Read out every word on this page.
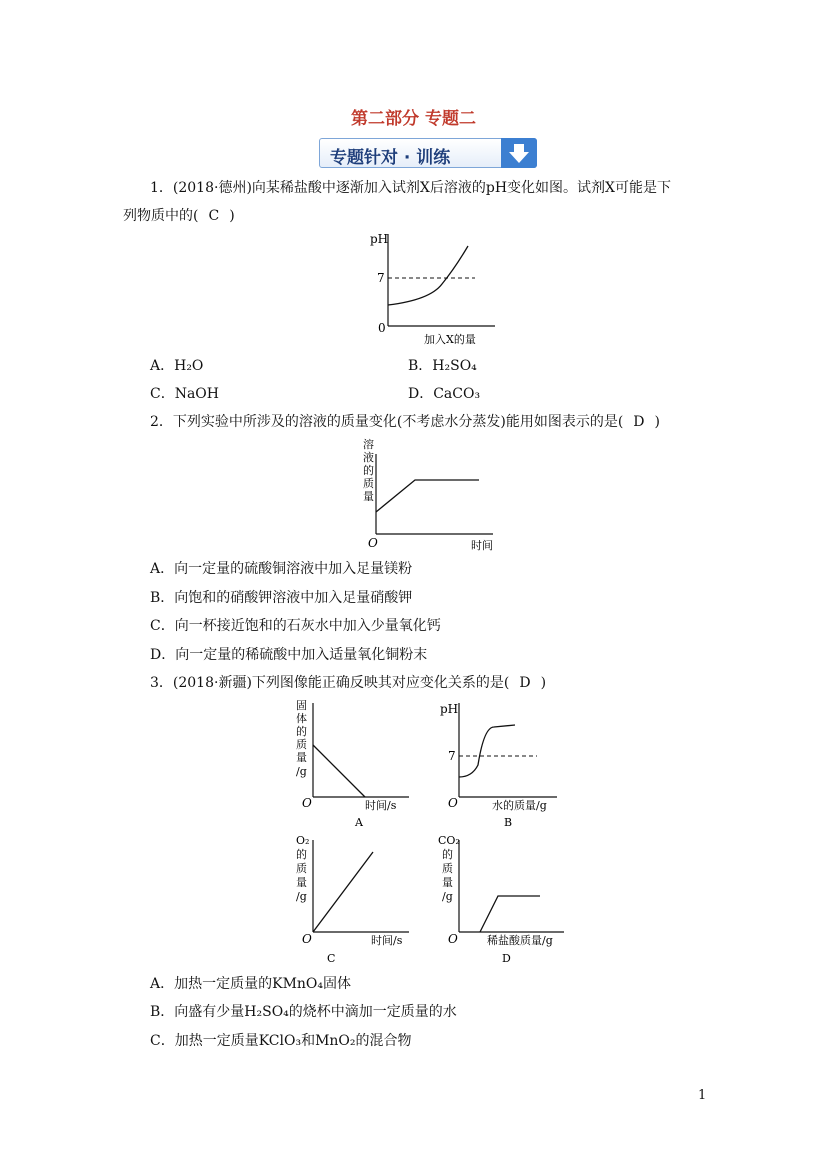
第二部分 专题二
专题针对 · 训练
1．(2018·德州)向某稀盐酸中逐渐加入试剂X后溶液的pH变化如图。试剂X可能是下
列物质中的( C )
pH
7
0
加入X的量
A．H₂O	B．H₂SO₄
C．NaOH	D．CaCO₃
2．下列实验中所涉及的溶液的质量变化(不考虑水分蒸发)能用如图表示的是( D )
溶
液
的
质
量
O	时间
A．向一定量的硫酸铜溶液中加入足量镁粉
B．向饱和的硝酸钾溶液中加入足量硝酸钾
C．向一杯接近饱和的石灰水中加入少量氧化钙
D．向一定量的稀硫酸中加入适量氧化铜粉末
3．(2018·新疆)下列图像能正确反映其对应变化关系的是( D )
固
体
的
质
量
/g
O	时间/s
A
pH
7
O	水的质量/g
B
O₂
的
质
量
/g
O	时间/s
C
CO₂
的
质
量
/g
O	稀盐酸质量/g
D
A．加热一定质量的KMnO₄固体
B．向盛有少量H₂SO₄的烧杯中滴加一定质量的水
C．加热一定质量KClO₃和MnO₂的混合物
1
